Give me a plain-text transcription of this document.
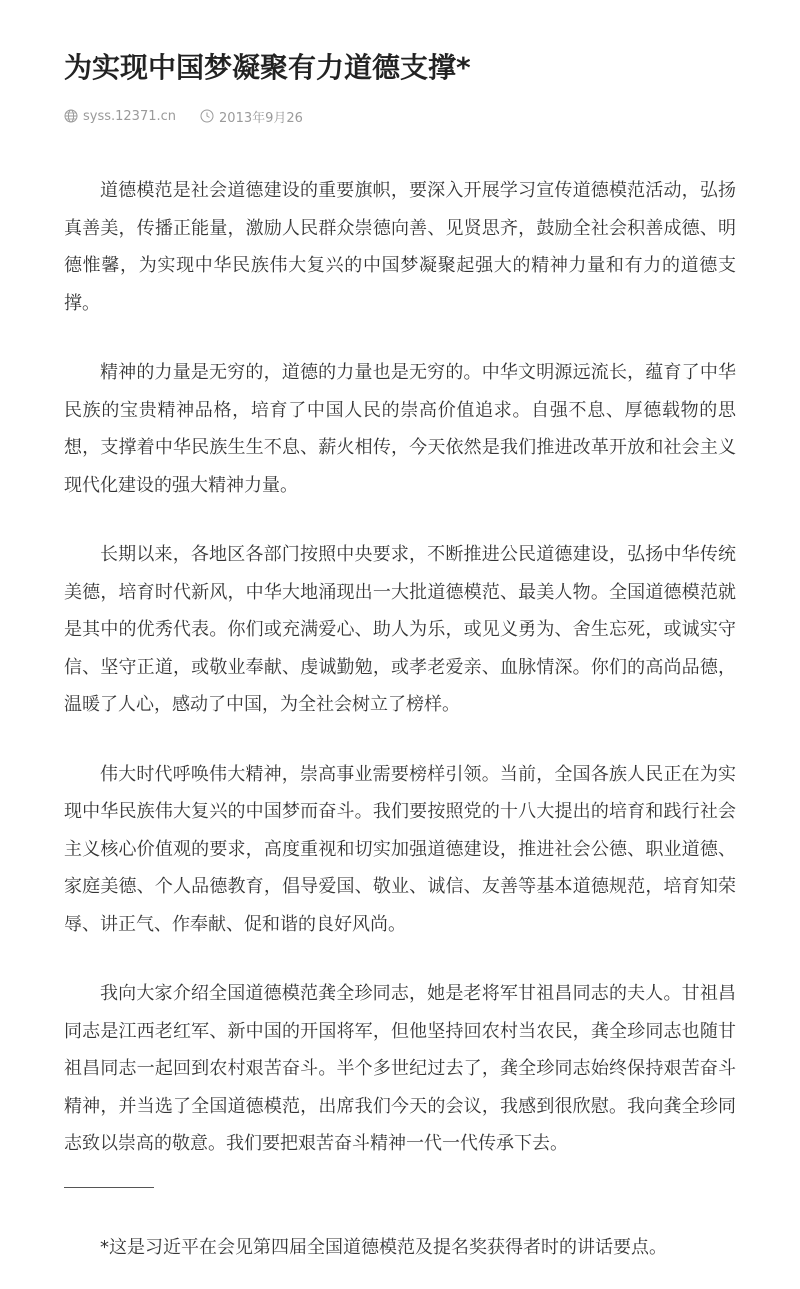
为实现中国梦凝聚有力道德支撑*
syss.12371.cn	2013年9月26

道德模范是社会道德建设的重要旗帜，要深入开展学习宣传道德模范活动，弘扬真善美，传播正能量，激励人民群众崇德向善、见贤思齐，鼓励全社会积善成德、明德惟馨，为实现中华民族伟大复兴的中国梦凝聚起强大的精神力量和有力的道德支撑。

精神的力量是无穷的，道德的力量也是无穷的。中华文明源远流长，蕴育了中华民族的宝贵精神品格，培育了中国人民的崇高价值追求。自强不息、厚德载物的思想，支撑着中华民族生生不息、薪火相传，今天依然是我们推进改革开放和社会主义现代化建设的强大精神力量。

长期以来，各地区各部门按照中央要求，不断推进公民道德建设，弘扬中华传统美德，培育时代新风，中华大地涌现出一大批道德模范、最美人物。全国道德模范就是其中的优秀代表。你们或充满爱心、助人为乐，或见义勇为、舍生忘死，或诚实守信、坚守正道，或敬业奉献、虔诚勤勉，或孝老爱亲、血脉情深。你们的高尚品德，温暖了人心，感动了中国，为全社会树立了榜样。

伟大时代呼唤伟大精神，崇高事业需要榜样引领。当前，全国各族人民正在为实现中华民族伟大复兴的中国梦而奋斗。我们要按照党的十八大提出的培育和践行社会主义核心价值观的要求，高度重视和切实加强道德建设，推进社会公德、职业道德、家庭美德、个人品德教育，倡导爱国、敬业、诚信、友善等基本道德规范，培育知荣辱、讲正气、作奉献、促和谐的良好风尚。

我向大家介绍全国道德模范龚全珍同志，她是老将军甘祖昌同志的夫人。甘祖昌同志是江西老红军、新中国的开国将军，但他坚持回农村当农民，龚全珍同志也随甘祖昌同志一起回到农村艰苦奋斗。半个多世纪过去了，龚全珍同志始终保持艰苦奋斗精神，并当选了全国道德模范，出席我们今天的会议，我感到很欣慰。我向龚全珍同志致以崇高的敬意。我们要把艰苦奋斗精神一代一代传承下去。

*这是习近平在会见第四届全国道德模范及提名奖获得者时的讲话要点。
